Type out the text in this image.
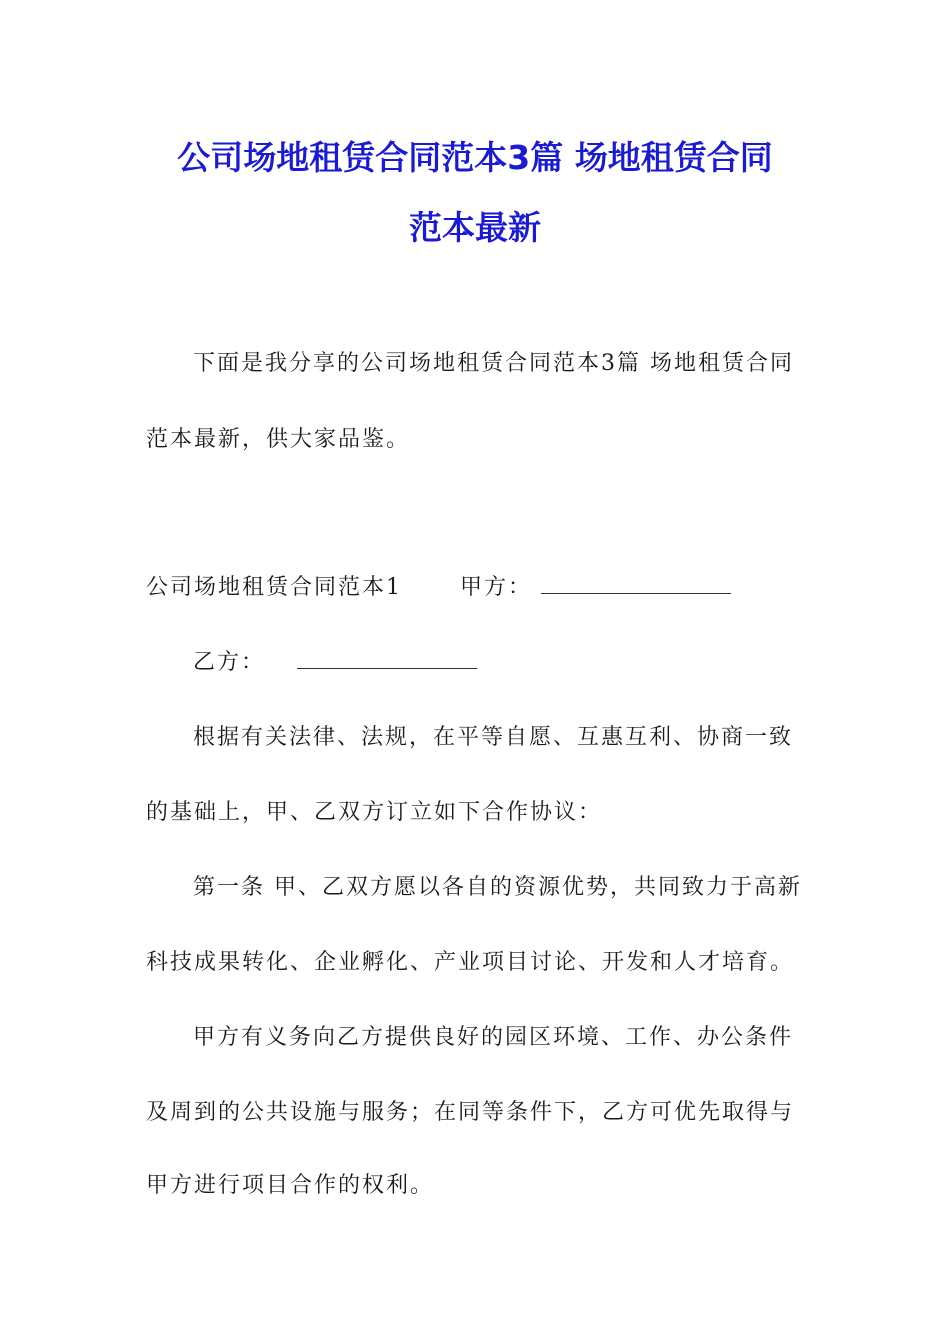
公司场地租赁合同范本3篇 场地租赁合同
范本最新
下面是我分享的公司场地租赁合同范本3篇 场地租赁合同
范本最新，供大家品鉴。
公司场地租赁合同范本1	甲方：
乙方：
根据有关法律、法规，在平等自愿、互惠互利、协商一致
的基础上，甲、乙双方订立如下合作协议：
第一条 甲、乙双方愿以各自的资源优势，共同致力于高新
科技成果转化、企业孵化、产业项目讨论、开发和人才培育。
甲方有义务向乙方提供良好的园区环境、工作、办公条件
及周到的公共设施与服务；在同等条件下，乙方可优先取得与
甲方进行项目合作的权利。
